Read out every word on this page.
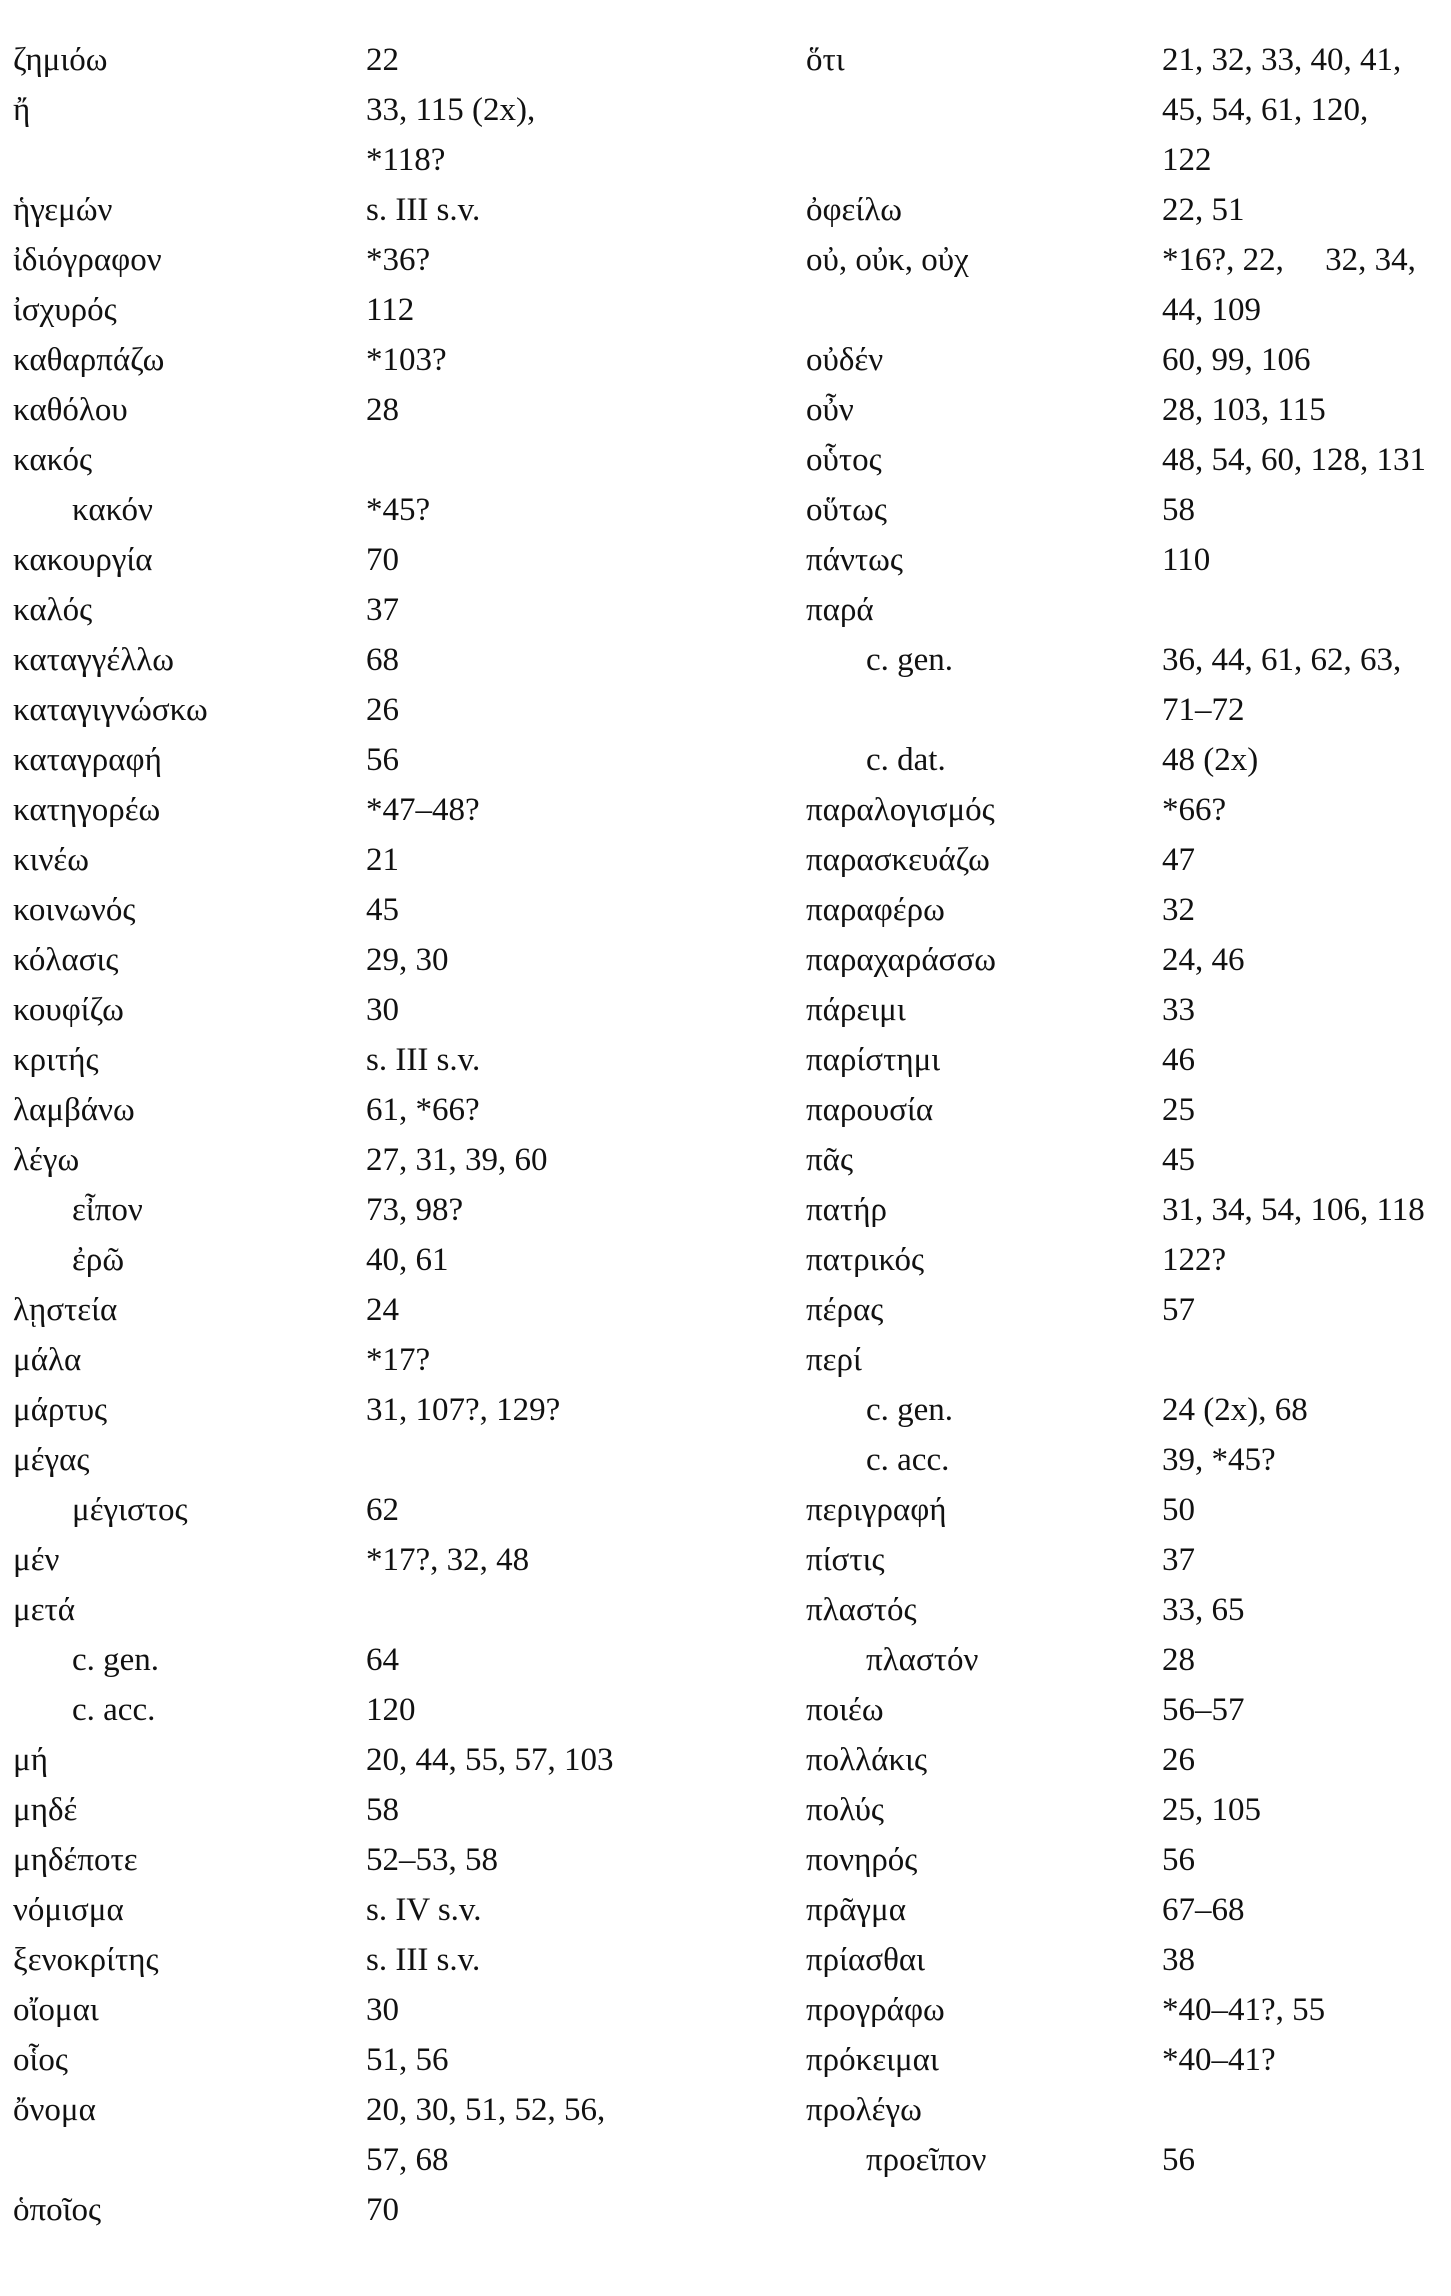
ζημιόω	22
ἤ	33, 115 (2x),
*118?
ἡγεμών	s. III s.v.
ἰδιόγραφον	*36?
ἰσχυρός	112
καθαρπάζω	*103?
καθόλου	28
κακός
κακόν	*45?
κακουργία	70
καλός	37
καταγγέλλω	68
καταγιγνώσκω	26
καταγραφή	56
κατηγορέω	*47–48?
κινέω	21
κοινωνός	45
κόλασις	29, 30
κουφίζω	30
κριτής	s. III s.v.
λαμβάνω	61, *66?
λέγω	27, 31, 39, 60
εἶπον	73, 98?
ἐρῶ	40, 61
λῃστεία	24
μάλα	*17?
μάρτυς	31, 107?, 129?
μέγας
μέγιστος	62
μέν	*17?, 32, 48
μετά
c. gen.	64
c. acc.	120
μή	20, 44, 55, 57, 103
μηδέ	58
μηδέποτε	52–53, 58
νόμισμα	s. IV s.v.
ξενοκρίτης	s. III s.v.
οἴομαι	30
οἷος	51, 56
ὄνομα	20, 30, 51, 52, 56,
57, 68
ὁποῖος	70
ὅτι	21, 32, 33, 40, 41,
45, 54, 61, 120,
122
ὀφείλω	22, 51
οὐ, οὐκ, οὐχ	*16?, 22,     32, 34,
44, 109
οὐδέν	60, 99, 106
οὖν	28, 103, 115
οὗτος	48, 54, 60, 128, 131
οὕτως	58
πάντως	110
παρά
c. gen.	36, 44, 61, 62, 63,
71–72
c. dat.	48 (2x)
παραλογισμός	*66?
παρασκευάζω	47
παραφέρω	32
παραχαράσσω	24, 46
πάρειμι	33
παρίστημι	46
παρουσία	25
πᾶς	45
πατήρ	31, 34, 54, 106, 118
πατρικός	122?
πέρας	57
περί
c. gen.	24 (2x), 68
c. acc.	39, *45?
περιγραφή	50
πίστις	37
πλαστός	33, 65
πλαστόν	28
ποιέω	56–57
πολλάκις	26
πολύς	25, 105
πονηρός	56
πρᾶγμα	67–68
πρίασθαι	38
προγράφω	*40–41?, 55
πρόκειμαι	*40–41?
προλέγω
προεῖπον	56
